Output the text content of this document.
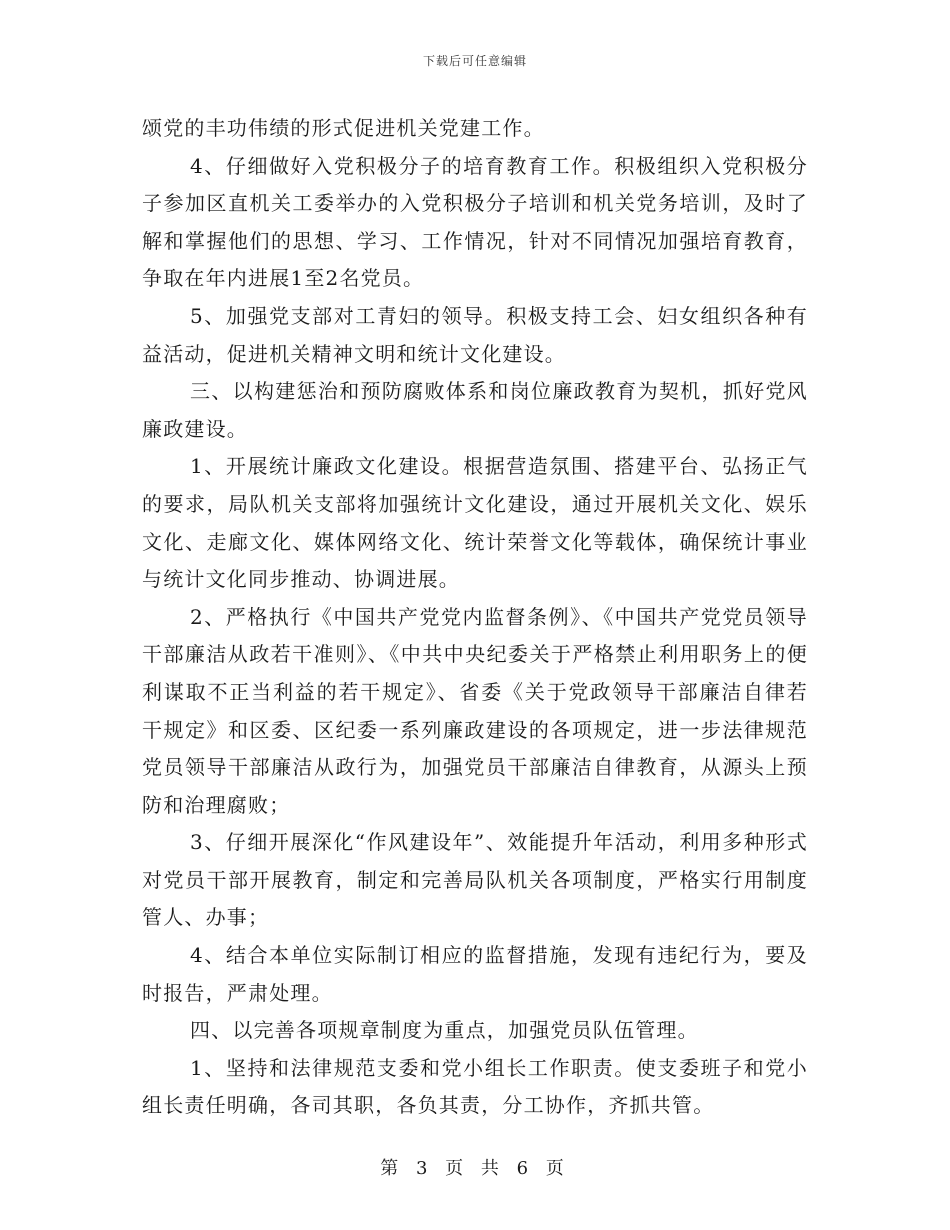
下载后可任意编辑

颂党的丰功伟绩的形式促进机关党建工作。

4、仔细做好入党积极分子的培育教育工作。积极组织入党积极分子参加区直机关工委举办的入党积极分子培训和机关党务培训，及时了解和掌握他们的思想、学习、工作情况，针对不同情况加强培育教育，争取在年内进展1至2名党员。

5、加强党支部对工青妇的领导。积极支持工会、妇女组织各种有益活动，促进机关精神文明和统计文化建设。

三、以构建惩治和预防腐败体系和岗位廉政教育为契机，抓好党风廉政建设。

1、开展统计廉政文化建设。根据营造氛围、搭建平台、弘扬正气的要求，局队机关支部将加强统计文化建设，通过开展机关文化、娱乐文化、走廊文化、媒体网络文化、统计荣誉文化等载体，确保统计事业与统计文化同步推动、协调进展。

2、严格执行《中国共产党党内监督条例》、《中国共产党党员领导干部廉洁从政若干准则》、《中共中央纪委关于严格禁止利用职务上的便利谋取不正当利益的若干规定》、省委《关于党政领导干部廉洁自律若干规定》和区委、区纪委一系列廉政建设的各项规定，进一步法律规范党员领导干部廉洁从政行为，加强党员干部廉洁自律教育，从源头上预防和治理腐败；

3、仔细开展深化“作风建设年”、效能提升年活动，利用多种形式对党员干部开展教育，制定和完善局队机关各项制度，严格实行用制度管人、办事；

4、结合本单位实际制订相应的监督措施，发现有违纪行为，要及时报告，严肃处理。

四、以完善各项规章制度为重点，加强党员队伍管理。

1、坚持和法律规范支委和党小组长工作职责。使支委班子和党小组长责任明确，各司其职，各负其责，分工协作，齐抓共管。

第 3 页 共 6 页
